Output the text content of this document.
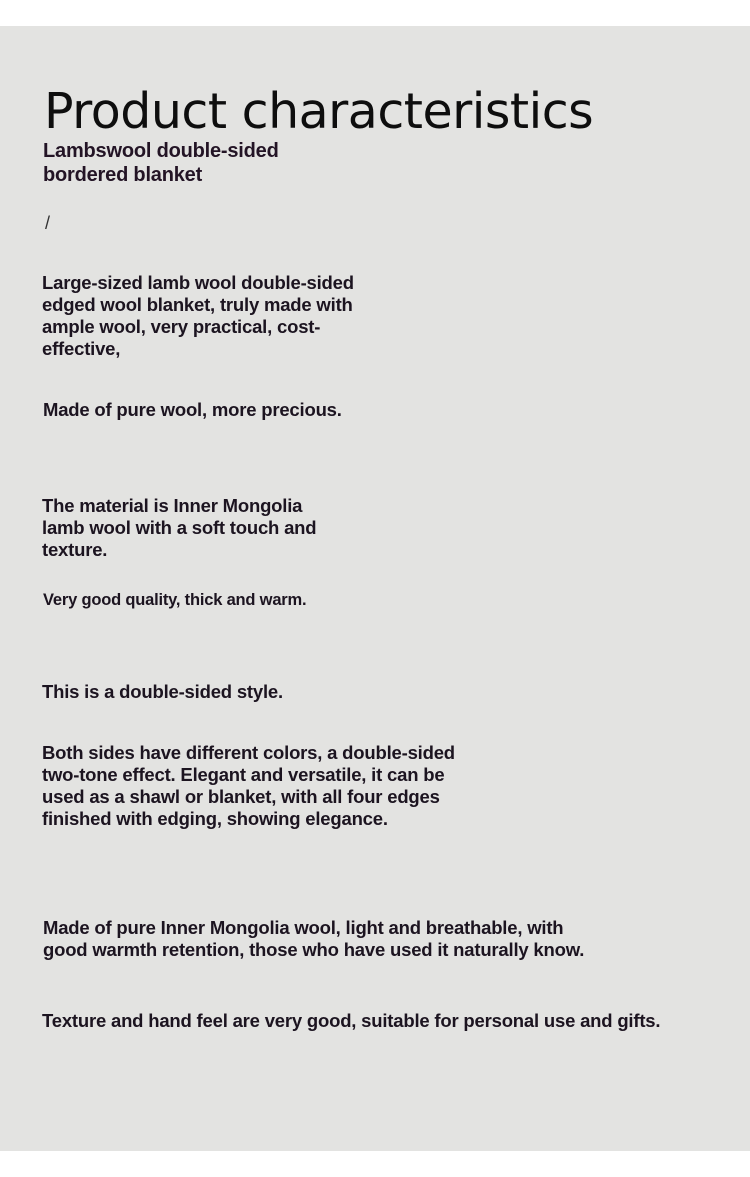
Product characteristics
Lambswool double-sided bordered blanket

/

Large-sized lamb wool double-sided edged wool blanket, truly made with ample wool, very practical, cost-effective,

Made of pure wool, more precious.

The material is Inner Mongolia lamb wool with a soft touch and texture.

Very good quality, thick and warm.

This is a double-sided style.

Both sides have different colors, a double-sided two-tone effect. Elegant and versatile, it can be used as a shawl or blanket, with all four edges finished with edging, showing elegance.

Made of pure Inner Mongolia wool, light and breathable, with good warmth retention, those who have used it naturally know.

Texture and hand feel are very good, suitable for personal use and gifts.
